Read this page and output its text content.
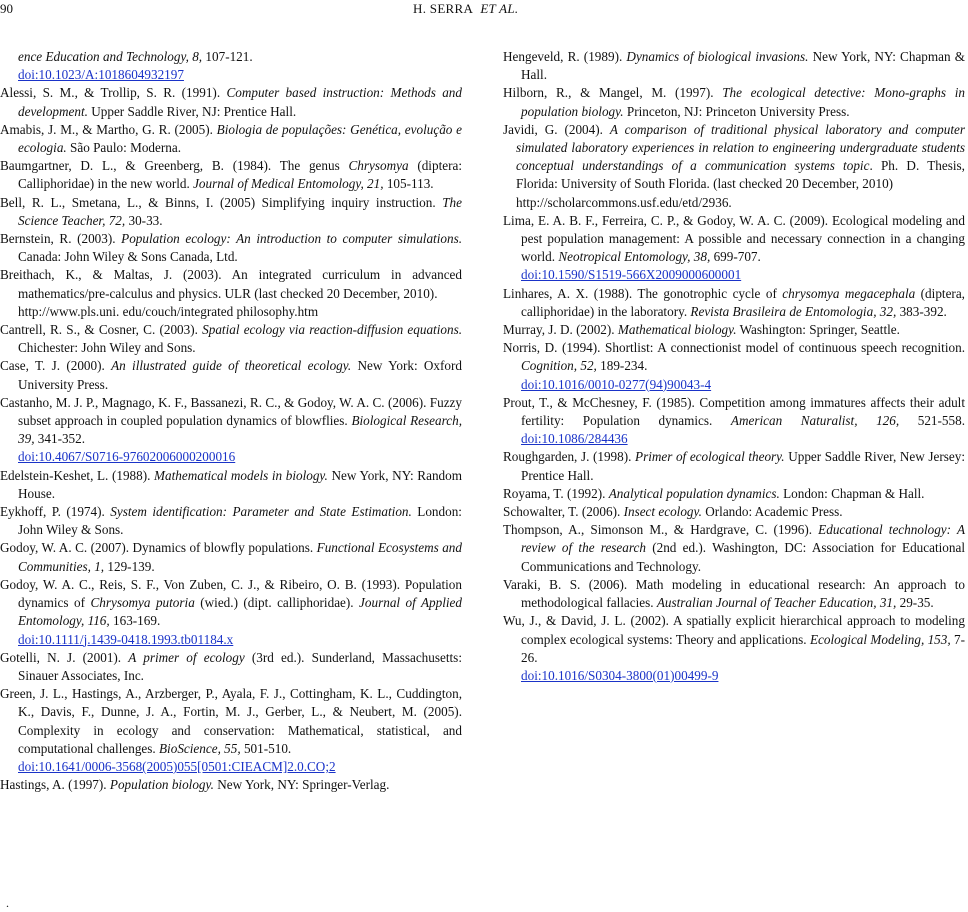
90	H. SERRA ET AL.
ence Education and Technology, 8, 107-121.
doi:10.1023/A:1018604932197
Alessi, S. M., & Trollip, S. R. (1991). Computer based instruction: Methods and development. Upper Saddle River, NJ: Prentice Hall.
Amabis, J. M., & Martho, G. R. (2005). Biologia de populações: Genética, evolução e ecologia. São Paulo: Moderna.
Baumgartner, D. L., & Greenberg, B. (1984). The genus Chrysomya (diptera: Calliphoridae) in the new world. Journal of Medical Entomology, 21, 105-113.
Bell, R. L., Smetana, L., & Binns, I. (2005) Simplifying inquiry instruction. The Science Teacher, 72, 30-33.
Bernstein, R. (2003). Population ecology: An introduction to computer simulations. Canada: John Wiley & Sons Canada, Ltd.
Breithach, K., & Maltas, J. (2003). An integrated curriculum in advanced mathematics/pre-calculus and physics. ULR (last checked 20 December, 2010).
http://www.pls.uni. edu/couch/integrated philosophy.htm
Cantrell, R. S., & Cosner, C. (2003). Spatial ecology via reaction-diffusion equations. Chichester: John Wiley and Sons.
Case, T. J. (2000). An illustrated guide of theoretical ecology. New York: Oxford University Press.
Castanho, M. J. P., Magnago, K. F., Bassanezi, R. C., & Godoy, W. A. C. (2006). Fuzzy subset approach in coupled population dynamics of blowflies. Biological Research, 39, 341-352.
doi:10.4067/S0716-97602006000200016
Edelstein-Keshet, L. (1988). Mathematical models in biology. New York, NY: Random House.
Eykhoff, P. (1974). System identification: Parameter and State Estimation. London: John Wiley & Sons.
Godoy, W. A. C. (2007). Dynamics of blowfly populations. Functional Ecosystems and Communities, 1, 129-139.
Godoy, W. A. C., Reis, S. F., Von Zuben, C. J., & Ribeiro, O. B. (1993). Population dynamics of Chrysomya putoria (wied.) (dipt. calliphoridae). Journal of Applied Entomology, 116, 163-169.
doi:10.1111/j.1439-0418.1993.tb01184.x
Gotelli, N. J. (2001). A primer of ecology (3rd ed.). Sunderland, Massachusetts: Sinauer Associates, Inc.
Green, J. L., Hastings, A., Arzberger, P., Ayala, F. J., Cottingham, K. L., Cuddington, K., Davis, F., Dunne, J. A., Fortin, M. J., Gerber, L., & Neubert, M. (2005). Complexity in ecology and conservation: Mathematical, statistical, and computational challenges. BioScience, 55, 501-510.
doi:10.1641/0006-3568(2005)055[0501:CIEACM]2.0.CO;2
Hastings, A. (1997). Population biology. New York, NY: Springer-Verlag.
Hengeveld, R. (1989). Dynamics of biological invasions. New York, NY: Chapman & Hall.
Hilborn, R., & Mangel, M. (1997). The ecological detective: Mono-graphs in population biology. Princeton, NJ: Princeton University Press.
Javidi, G. (2004). A comparison of traditional physical laboratory and computer simulated laboratory experiences in relation to engineering undergraduate students conceptual understandings of a communication systems topic. Ph. D. Thesis, Florida: University of South Florida. (last checked 20 December, 2010)
http://scholarcommons.usf.edu/etd/2936.
Lima, E. A. B. F., Ferreira, C. P., & Godoy, W. A. C. (2009). Ecological modeling and pest population management: A possible and necessary connection in a changing world. Neotropical Entomology, 38, 699-707.
doi:10.1590/S1519-566X2009000600001
Linhares, A. X. (1988). The gonotrophic cycle of chrysomya megacephala (diptera, calliphoridae) in the laboratory. Revista Brasileira de Entomologia, 32, 383-392.
Murray, J. D. (2002). Mathematical biology. Washington: Springer, Seattle.
Norris, D. (1994). Shortlist: A connectionist model of continuous speech recognition. Cognition, 52, 189-234.
doi:10.1016/0010-0277(94)90043-4
Prout, T., & McChesney, F. (1985). Competition among immatures affects their adult fertility: Population dynamics. American Naturalist, 126, 521-558. doi:10.1086/284436
Roughgarden, J. (1998). Primer of ecological theory. Upper Saddle River, New Jersey: Prentice Hall.
Royama, T. (1992). Analytical population dynamics. London: Chapman & Hall.
Schowalter, T. (2006). Insect ecology. Orlando: Academic Press.
Thompson, A., Simonson M., & Hardgrave, C. (1996). Educational technology: A review of the research (2nd ed.). Washington, DC: Association for Educational Communications and Technology.
Varaki, B. S. (2006). Math modeling in educational research: An approach to methodological fallacies. Australian Journal of Teacher Education, 31, 29-35.
Wu, J., & David, J. L. (2002). A spatially explicit hierarchical approach to modeling complex ecological systems: Theory and applications. Ecological Modeling, 153, 7-26.
doi:10.1016/S0304-3800(01)00499-9
.
